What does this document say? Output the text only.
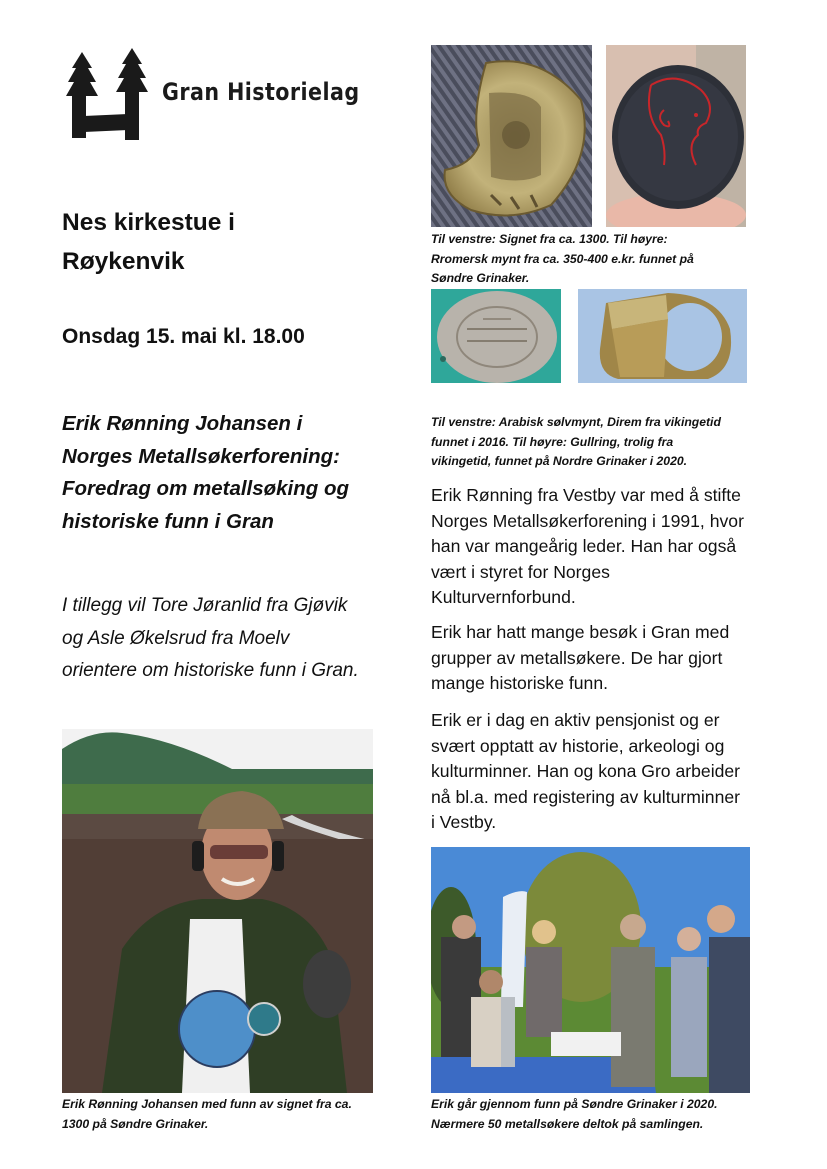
Gran Historielag
Nes kirkestue i
Røykenvik
Onsdag 15. mai kl. 18.00
Erik Rønning Johansen i
Norges Metallsøkerforening:
Foredrag om metallsøking og
historiske funn i Gran
I tillegg vil Tore Jøranlid fra Gjøvik
og Asle Økelsrud fra Moelv
orientere om historiske funn i Gran.
Til venstre: Signet fra ca. 1300. Til høyre:
Rromersk mynt fra ca. 350-400 e.kr. funnet på
Søndre Grinaker.
Til venstre: Arabisk sølvmynt, Direm fra vikingetid
funnet i 2016. Til høyre: Gullring, trolig fra
vikingetid, funnet på Nordre Grinaker i 2020.
Erik Rønning fra Vestby var med å stifte
Norges Metallsøkerforening i 1991, hvor
han var mangeårig leder. Han har også
vært i styret for Norges
Kulturvernforbund.
Erik har hatt mange besøk i Gran med
grupper av metallsøkere. De har gjort
mange historiske funn.
Erik er i dag en aktiv pensjonist og er
svært opptatt av historie, arkeologi og
kulturminner. Han og kona Gro arbeider
nå bl.a. med registering av kulturminner
i Vestby.
Erik Rønning Johansen med funn av signet fra ca.
1300 på Søndre Grinaker.
Erik går gjennom funn på Søndre Grinaker i 2020.
Nærmere 50 metallsøkere deltok på samlingen.
